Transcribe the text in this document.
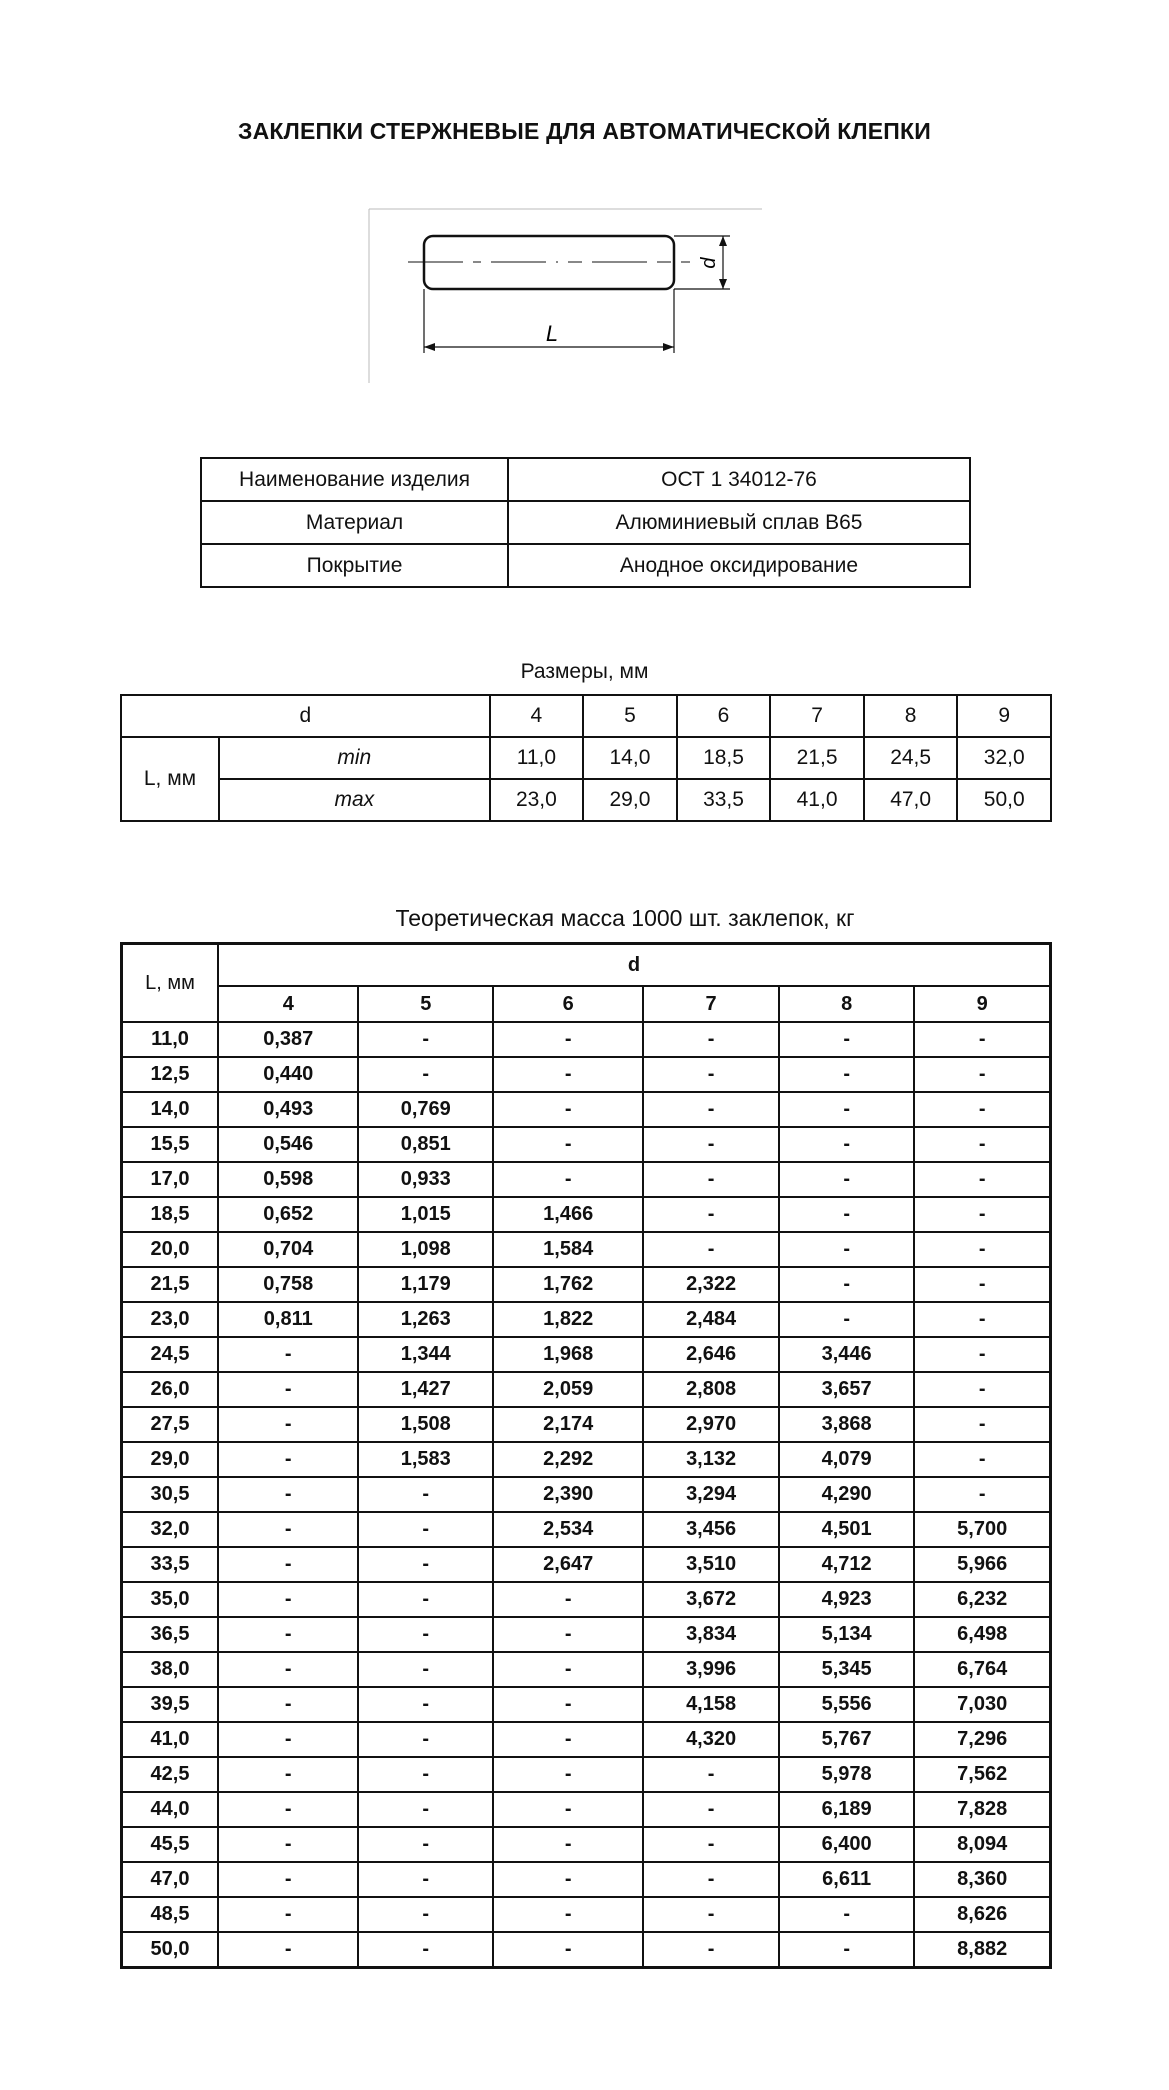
ЗАКЛЕПКИ СТЕРЖНЕВЫЕ ДЛЯ АВТОМАТИЧЕСКОЙ КЛЕПКИ
d
L
Наименование изделия	ОСТ 1 34012-76
Материал	Алюминиевый сплав В65
Покрытие	Анодное оксидирование
Размеры, мм
d		4	5	6	7	8	9
L, мм	min	11,0	14,0	18,5	21,5	24,5	32,0
	max	23,0	29,0	33,5	41,0	47,0	50,0
Теоретическая масса 1000 шт. заклепок, кг
L, мм	d					
	4	5	6	7	8	9
11,0	0,387	-	-	-	-	-
12,5	0,440	-	-	-	-	-
14,0	0,493	0,769	-	-	-	-
15,5	0,546	0,851	-	-	-	-
17,0	0,598	0,933	-	-	-	-
18,5	0,652	1,015	1,466	-	-	-
20,0	0,704	1,098	1,584	-	-	-
21,5	0,758	1,179	1,762	2,322	-	-
23,0	0,811	1,263	1,822	2,484	-	-
24,5	-	1,344	1,968	2,646	3,446	-
26,0	-	1,427	2,059	2,808	3,657	-
27,5	-	1,508	2,174	2,970	3,868	-
29,0	-	1,583	2,292	3,132	4,079	-
30,5	-	-	2,390	3,294	4,290	-
32,0	-	-	2,534	3,456	4,501	5,700
33,5	-	-	2,647	3,510	4,712	5,966
35,0	-	-	-	3,672	4,923	6,232
36,5	-	-	-	3,834	5,134	6,498
38,0	-	-	-	3,996	5,345	6,764
39,5	-	-	-	4,158	5,556	7,030
41,0	-	-	-	4,320	5,767	7,296
42,5	-	-	-	-	5,978	7,562
44,0	-	-	-	-	6,189	7,828
45,5	-	-	-	-	6,400	8,094
47,0	-	-	-	-	6,611	8,360
48,5	-	-	-	-	-	8,626
50,0	-	-	-	-	-	8,882
